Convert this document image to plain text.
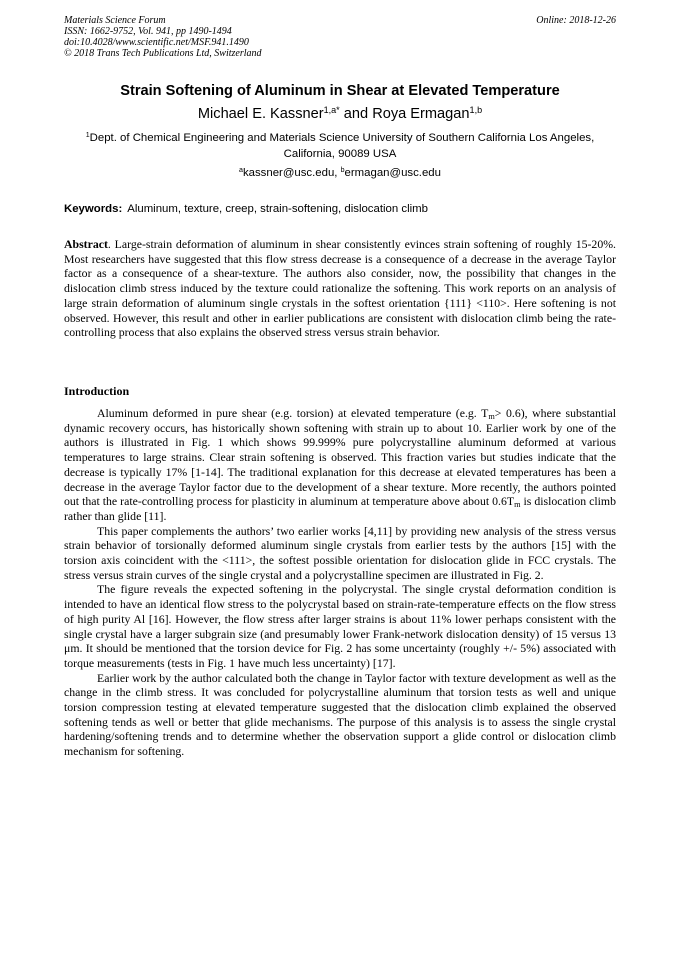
Materials Science Forum
ISSN: 1662-9752, Vol. 941, pp 1490-1494
doi:10.4028/www.scientific.net/MSF.941.1490
© 2018 Trans Tech Publications Ltd, Switzerland
Online: 2018-12-26
Strain Softening of Aluminum in Shear at Elevated Temperature
Michael E. Kassner$^{1,a*}$ and Roya Ermagan$^{1,b}$
$^1$Dept. of Chemical Engineering and Materials Science University of Southern California Los Angeles, California, 90089 USA
$^a$kassner@usc.edu, $^b$ermagan@usc.edu
Keywords: Aluminum, texture, creep, strain-softening, dislocation climb

Abstract. Large-strain deformation of aluminum in shear consistently evinces strain softening of roughly 15-20%. Most researchers have suggested that this flow stress decrease is a consequence of a decrease in the average Taylor factor as a consequence of a shear-texture. The authors also consider, now, the possibility that changes in the dislocation climb stress induced by the texture could rationalize the softening. This work reports on an analysis of large strain deformation of aluminum single crystals in the softest orientation {111} <110>. Here softening is not observed. However, this result and other in earlier publications are consistent with dislocation climb being the rate-controlling process that also explains the observed stress versus strain behavior.

Introduction

Aluminum deformed in pure shear (e.g. torsion) at elevated temperature (e.g. $T_m> 0.6$), where substantial dynamic recovery occurs, has historically shown softening with strain up to about 10. Earlier work by one of the authors is illustrated in Fig. 1 which shows 99.999% pure polycrystalline aluminum deformed at various temperatures to large strains. Clear strain softening is observed. This fraction varies but studies indicate that the decrease is typically 17% [1-14]. The traditional explanation for this decrease at elevated temperatures has been a decrease in the average Taylor factor due to the development of a shear texture. More recently, the authors pointed out that the rate-controlling process for plasticity in aluminum at temperature above about $0.6T_m$ is dislocation climb rather than glide [11].

This paper complements the authors’ two earlier works [4,11] by providing new analysis of the stress versus strain behavior of torsionally deformed aluminum single crystals from earlier tests by the authors [15] with the torsion axis coincident with the <111>, the softest possible orientation for dislocation glide in FCC crystals. The stress versus strain curves of the single crystal and a polycrystalline specimen are illustrated in Fig. 2.

The figure reveals the expected softening in the polycrystal. The single crystal deformation condition is intended to have an identical flow stress to the polycrystal based on strain-rate-temperature effects on the flow stress of high purity Al [16]. However, the flow stress after larger strains is about 11% lower perhaps consistent with the single crystal have a larger subgrain size (and presumably lower Frank-network dislocation density) of 15 versus 13 μm. It should be mentioned that the torsion device for Fig. 2 has some uncertainty (roughly +/- 5%) associated with torque measurements (tests in Fig. 1 have much less uncertainty) [17].

Earlier work by the author calculated both the change in Taylor factor with texture development as well as the change in the climb stress. It was concluded for polycrystalline aluminum that torsion tests as well and unique torsion compression testing at elevated temperature suggested that the dislocation climb explained the observed softening tends as well or better that glide mechanisms. The purpose of this analysis is to assess the single crystal hardening/softening trends and to determine whether the observation support a glide control or dislocation climb mechanism for softening.
